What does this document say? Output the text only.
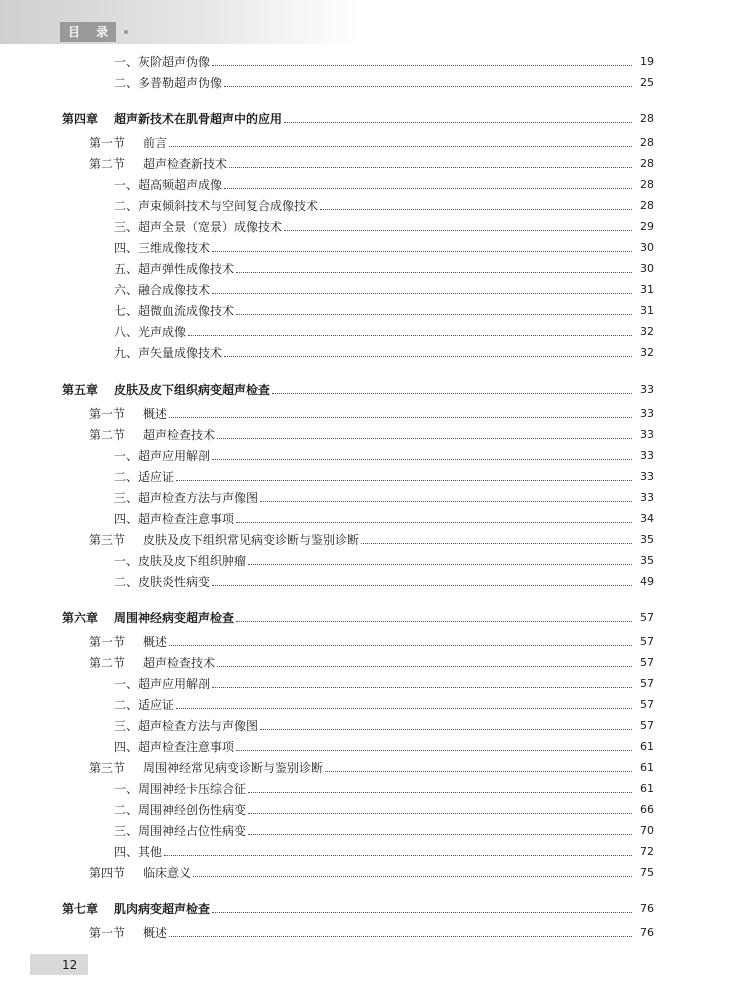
目 录
一、灰阶超声伪像	19
二、多普勒超声伪像	25
第四章 超声新技术在肌骨超声中的应用	28
第一节 前言	28
第二节 超声检查新技术	28
一、超高频超声成像	28
二、声束倾斜技术与空间复合成像技术	28
三、超声全景（宽景）成像技术	29
四、三维成像技术	30
五、超声弹性成像技术	30
六、融合成像技术	31
七、超微血流成像技术	31
八、光声成像	32
九、声矢量成像技术	32
第五章 皮肤及皮下组织病变超声检查	33
第一节 概述	33
第二节 超声检查技术	33
一、超声应用解剖	33
二、适应证	33
三、超声检查方法与声像图	33
四、超声检查注意事项	34
第三节 皮肤及皮下组织常见病变诊断与鉴别诊断	35
一、皮肤及皮下组织肿瘤	35
二、皮肤炎性病变	49
第六章 周围神经病变超声检查	57
第一节 概述	57
第二节 超声检查技术	57
一、超声应用解剖	57
二、适应证	57
三、超声检查方法与声像图	57
四、超声检查注意事项	61
第三节 周围神经常见病变诊断与鉴别诊断	61
一、周围神经卡压综合征	61
二、周围神经创伤性病变	66
三、周围神经占位性病变	70
四、其他	72
第四节 临床意义	75
第七章 肌肉病变超声检查	76
第一节 概述	76
12
